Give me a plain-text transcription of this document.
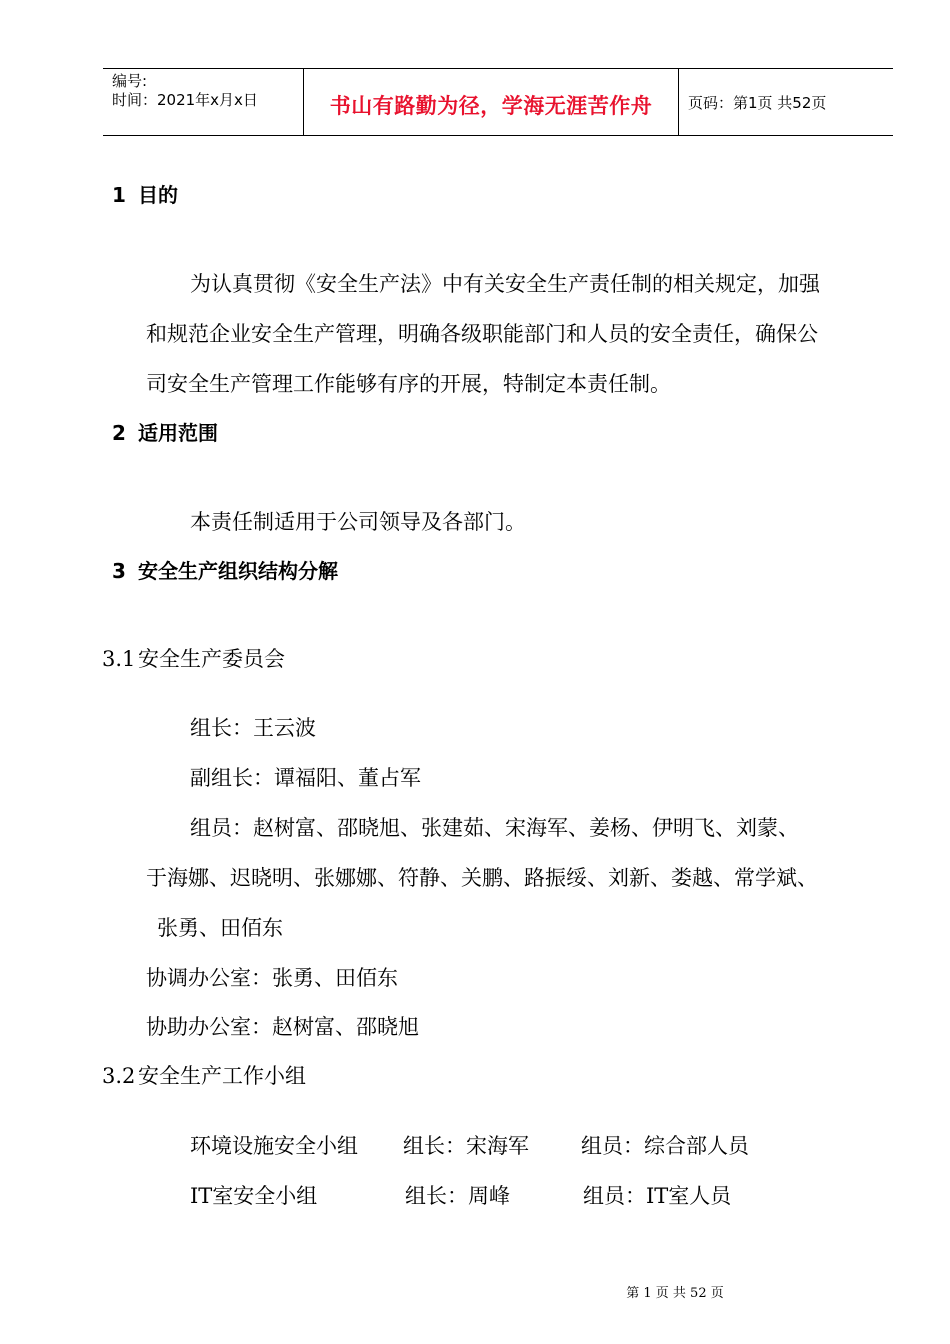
编号:
时间：2021年x月x日	书山有路勤为径，学海无涯苦作舟	页码：第1页 共52页
1 目的
为认真贯彻《安全生产法》中有关安全生产责任制的相关规定，加强
和规范企业安全生产管理，明确各级职能部门和人员的安全责任，确保公
司安全生产管理工作能够有序的开展，特制定本责任制。
2 适用范围
本责任制适用于公司领导及各部门。
3 安全生产组织结构分解
3.1 安全生产委员会
组长：王云波
副组长：谭福阳、董占军
组员：赵树富、邵晓旭、张建茹、宋海军、姜杨、伊明飞、刘蒙、
于海娜、迟晓明、张娜娜、符静、关鹏、路振绥、刘新、娄越、常学斌、
张勇、田佰东
协调办公室：张勇、田佰东
协助办公室：赵树富、邵晓旭
3.2 安全生产工作小组
环境设施安全小组 组长：宋海军 组员：综合部人员
IT室安全小组	组长：周峰	组员：IT室人员
第 1 页 共 52 页
